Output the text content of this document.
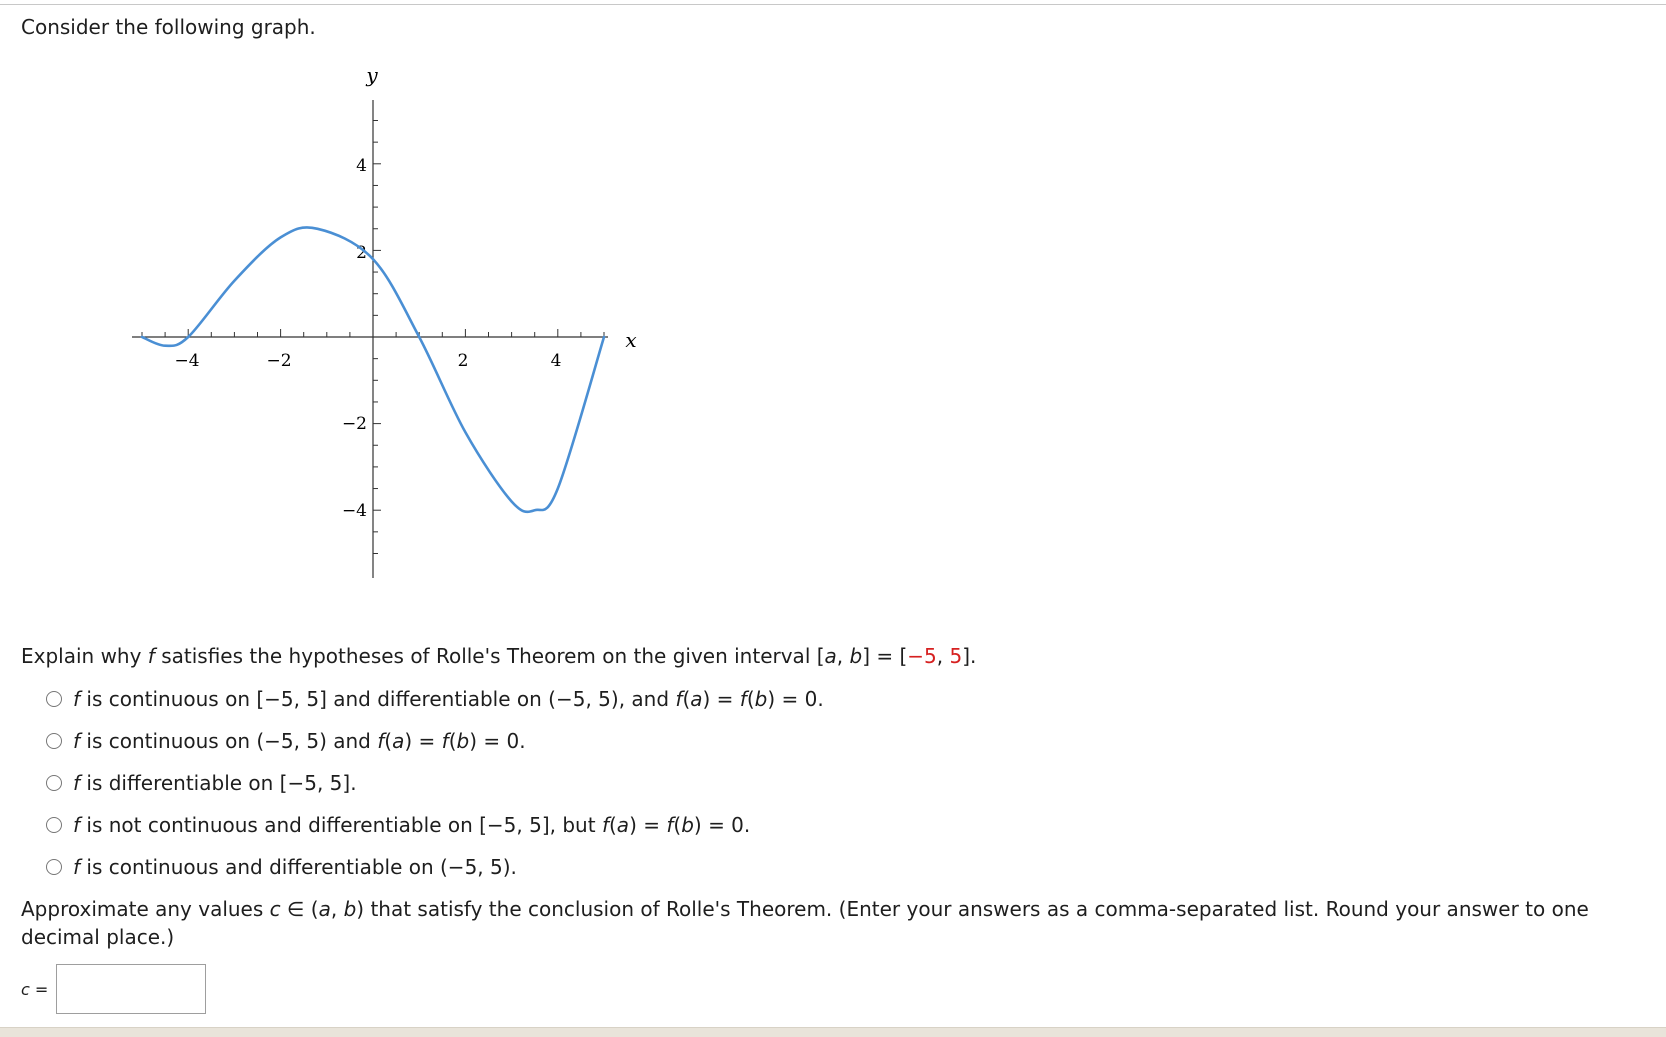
Consider the following graph.
y
x
−4	−2	2	4
4
2
−2
−4
Explain why f satisfies the hypotheses of Rolle's Theorem on the given interval [a, b] = [−5, 5].
f is continuous on [−5, 5] and differentiable on (−5, 5), and f(a) = f(b) = 0.
f is continuous on (−5, 5) and f(a) = f(b) = 0.
f is differentiable on [−5, 5].
f is not continuous and differentiable on [−5, 5], but f(a) = f(b) = 0.
f is continuous and differentiable on (−5, 5).
Approximate any values c ∈ (a, b) that satisfy the conclusion of Rolle's Theorem. (Enter your answers as a comma-separated list. Round your answer to one decimal place.)
c =
